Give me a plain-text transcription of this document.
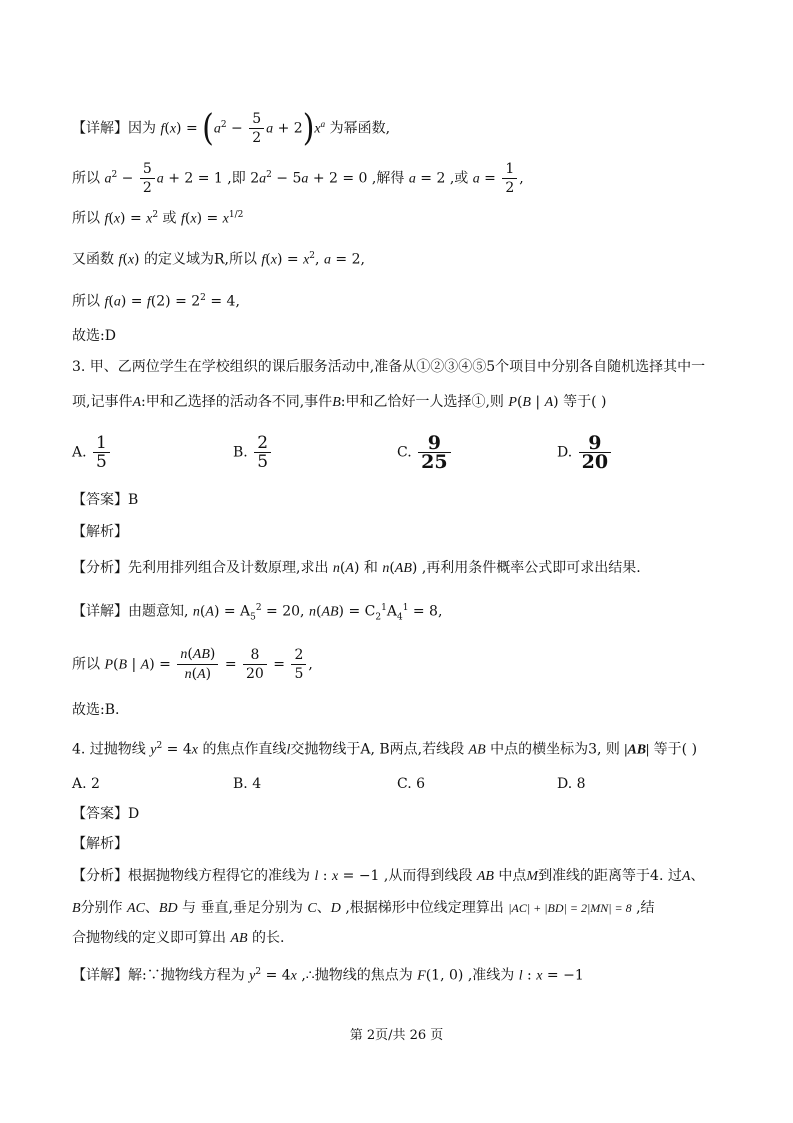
【详解】因为 $f(x) = (a^2 - \frac{5}{2}$ $a + 2)x^a$ 为幂函数,
所以 $a^2 - \frac{5}{2}$ a + 2 = 1 ,即 $2a^2 - 5a + 2 = 0$ ,解得 a = 2 ,或 $a = \frac{1}{2}$ ,
所以 $f(x) = x^2$ 或 $f(x) = x^{1/2}$
又函数 f(x) 的定义域为R,所以 $f(x) = x^2$, a = 2,
所以 $f(a) = f(2) = 2^2 = 4$,
故选:D
3. 甲、乙两位学生在学校组织的课后服务活动中,准备从①②③④⑤5个项目中分别各自随机选择其中一
项,记事件A:甲和乙选择的活动各不同,事件B:甲和乙恰好一人选择①,则 P(B | A) 等于( )
A. $\frac{1}{5}$	B. $\frac{2}{5}$	C. $\frac{9}{25}$	D. $\frac{9}{20}$
【答案】B
【解析】
【分析】先利用排列组合及计数原理,求出 n(A) 和 n(AB) ,再利用条件概率公式即可求出结果.
【详解】由题意知, $n(A) = A_5^2 = 20$, $n(AB) = C_2^1A_4^1 = 8$,
所以 P(B | $A) = \frac{n(AB)}{n(A)} = \frac{8}{20} = \frac{2}{5}$ ,
故选:B.
4. 过抛物线 $y^2 = 4x$ 的焦点作直线l交抛物线于A, B两点,若线段 AB 中点的横坐标为3, 则 |AB| 等于( )
A. 2	B. 4	C. 6	D. 8
【答案】D
【解析】
【分析】根据抛物线方程得它的准线为 l : x = −1 ,从而得到线段 AB 中点M到准线的距离等于4. 过A、
B分别作 AC、BD 与 垂直,垂足分别为 C、D ,根据梯形中位线定理算出 |AC| + |BD| = 2|MN| = 8 ,结
合抛物线的定义即可算出 AB 的长.
【详解】解:∵抛物线方程为 $y^2 = 4x$ ,∴抛物线的焦点为 F(1, 0) ,准线为 l : x = −1
第 2页/共 26 页
